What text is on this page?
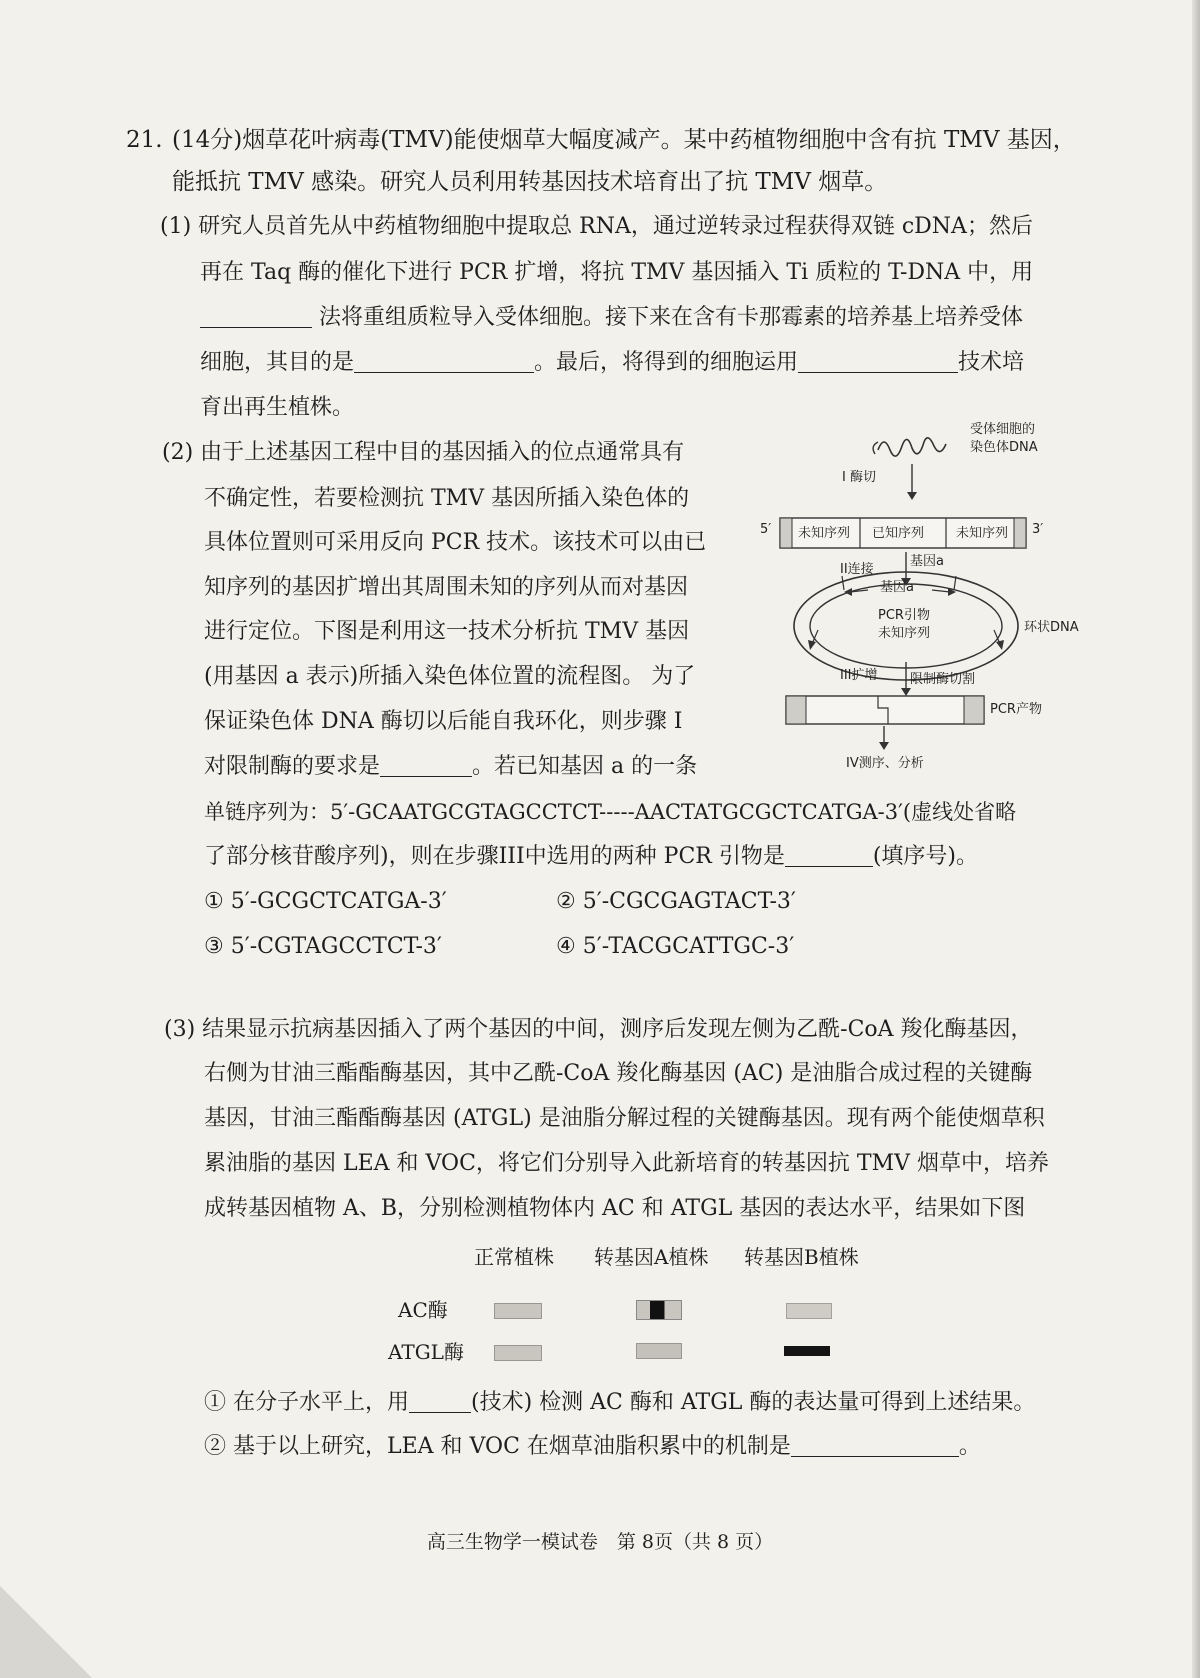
21. (14分)烟草花叶病毒(TMV)能使烟草大幅度减产。某中药植物细胞中含有抗 TMV 基因，
能抵抗 TMV 感染。研究人员利用转基因技术培育出了抗 TMV 烟草。
(1) 研究人员首先从中药植物细胞中提取总 RNA，通过逆转录过程获得双链 cDNA；然后
再在 Taq 酶的催化下进行 PCR 扩增，将抗 TMV 基因插入 Ti 质粒的 T-DNA 中，用
法将重组质粒导入受体细胞。接下来在含有卡那霉素的培养基上培养受体
细胞，其目的是	。最后，将得到的细胞运用	技术培
育出再生植株。
(2) 由于上述基因工程中目的基因插入的位点通常具有
不确定性，若要检测抗 TMV 基因所插入染色体的
具体位置则可采用反向 PCR 技术。该技术可以由已
知序列的基因扩增出其周围未知的序列从而对基因
进行定位。下图是利用这一技术分析抗 TMV 基因
(用基因 a 表示)所插入染色体位置的流程图。 为了
保证染色体 DNA 酶切以后能自我环化，则步骤 I
对限制酶的要求是	。若已知基因 a 的一条
单链序列为：5′-GCAATGCGTAGCCTCT-----AACTATGCGCTCATGA-3′(虚线处省略
了部分核苷酸序列)，则在步骤III中选用的两种 PCR 引物是	(填序号)。
① 5′-GCGCTCATGA-3′	② 5′-CGCGAGTACT-3′
③ 5′-CGTAGCCTCT-3′	④ 5′-TACGCATTGC-3′
受体细胞的
染色体DNA
I 酶切
5′	3′
未知序列 已知序列 未知序列
II连接
基因a
基因a
PCR引物
未知序列	环状DNA
III扩增 限制酶切割
PCR产物
IV测序、分析
(3) 结果显示抗病基因插入了两个基因的中间，测序后发现左侧为乙酰-CoA 羧化酶基因，
右侧为甘油三酯酯酶基因，其中乙酰-CoA 羧化酶基因 (AC) 是油脂合成过程的关键酶
基因，甘油三酯酯酶基因 (ATGL) 是油脂分解过程的关键酶基因。现有两个能使烟草积
累油脂的基因 LEA 和 VOC，将它们分别导入此新培育的转基因抗 TMV 烟草中，培养
成转基因植物 A、B，分别检测植物体内 AC 和 ATGL 基因的表达水平，结果如下图
正常植株 转基因A植株 转基因B植株
AC酶
ATGL酶
① 在分子水平上，用	(技术) 检测 AC 酶和 ATGL 酶的表达量可得到上述结果。
② 基于以上研究，LEA 和 VOC 在烟草油脂积累中的机制是	。
高三生物学一模试卷　第 8页（共 8 页）
